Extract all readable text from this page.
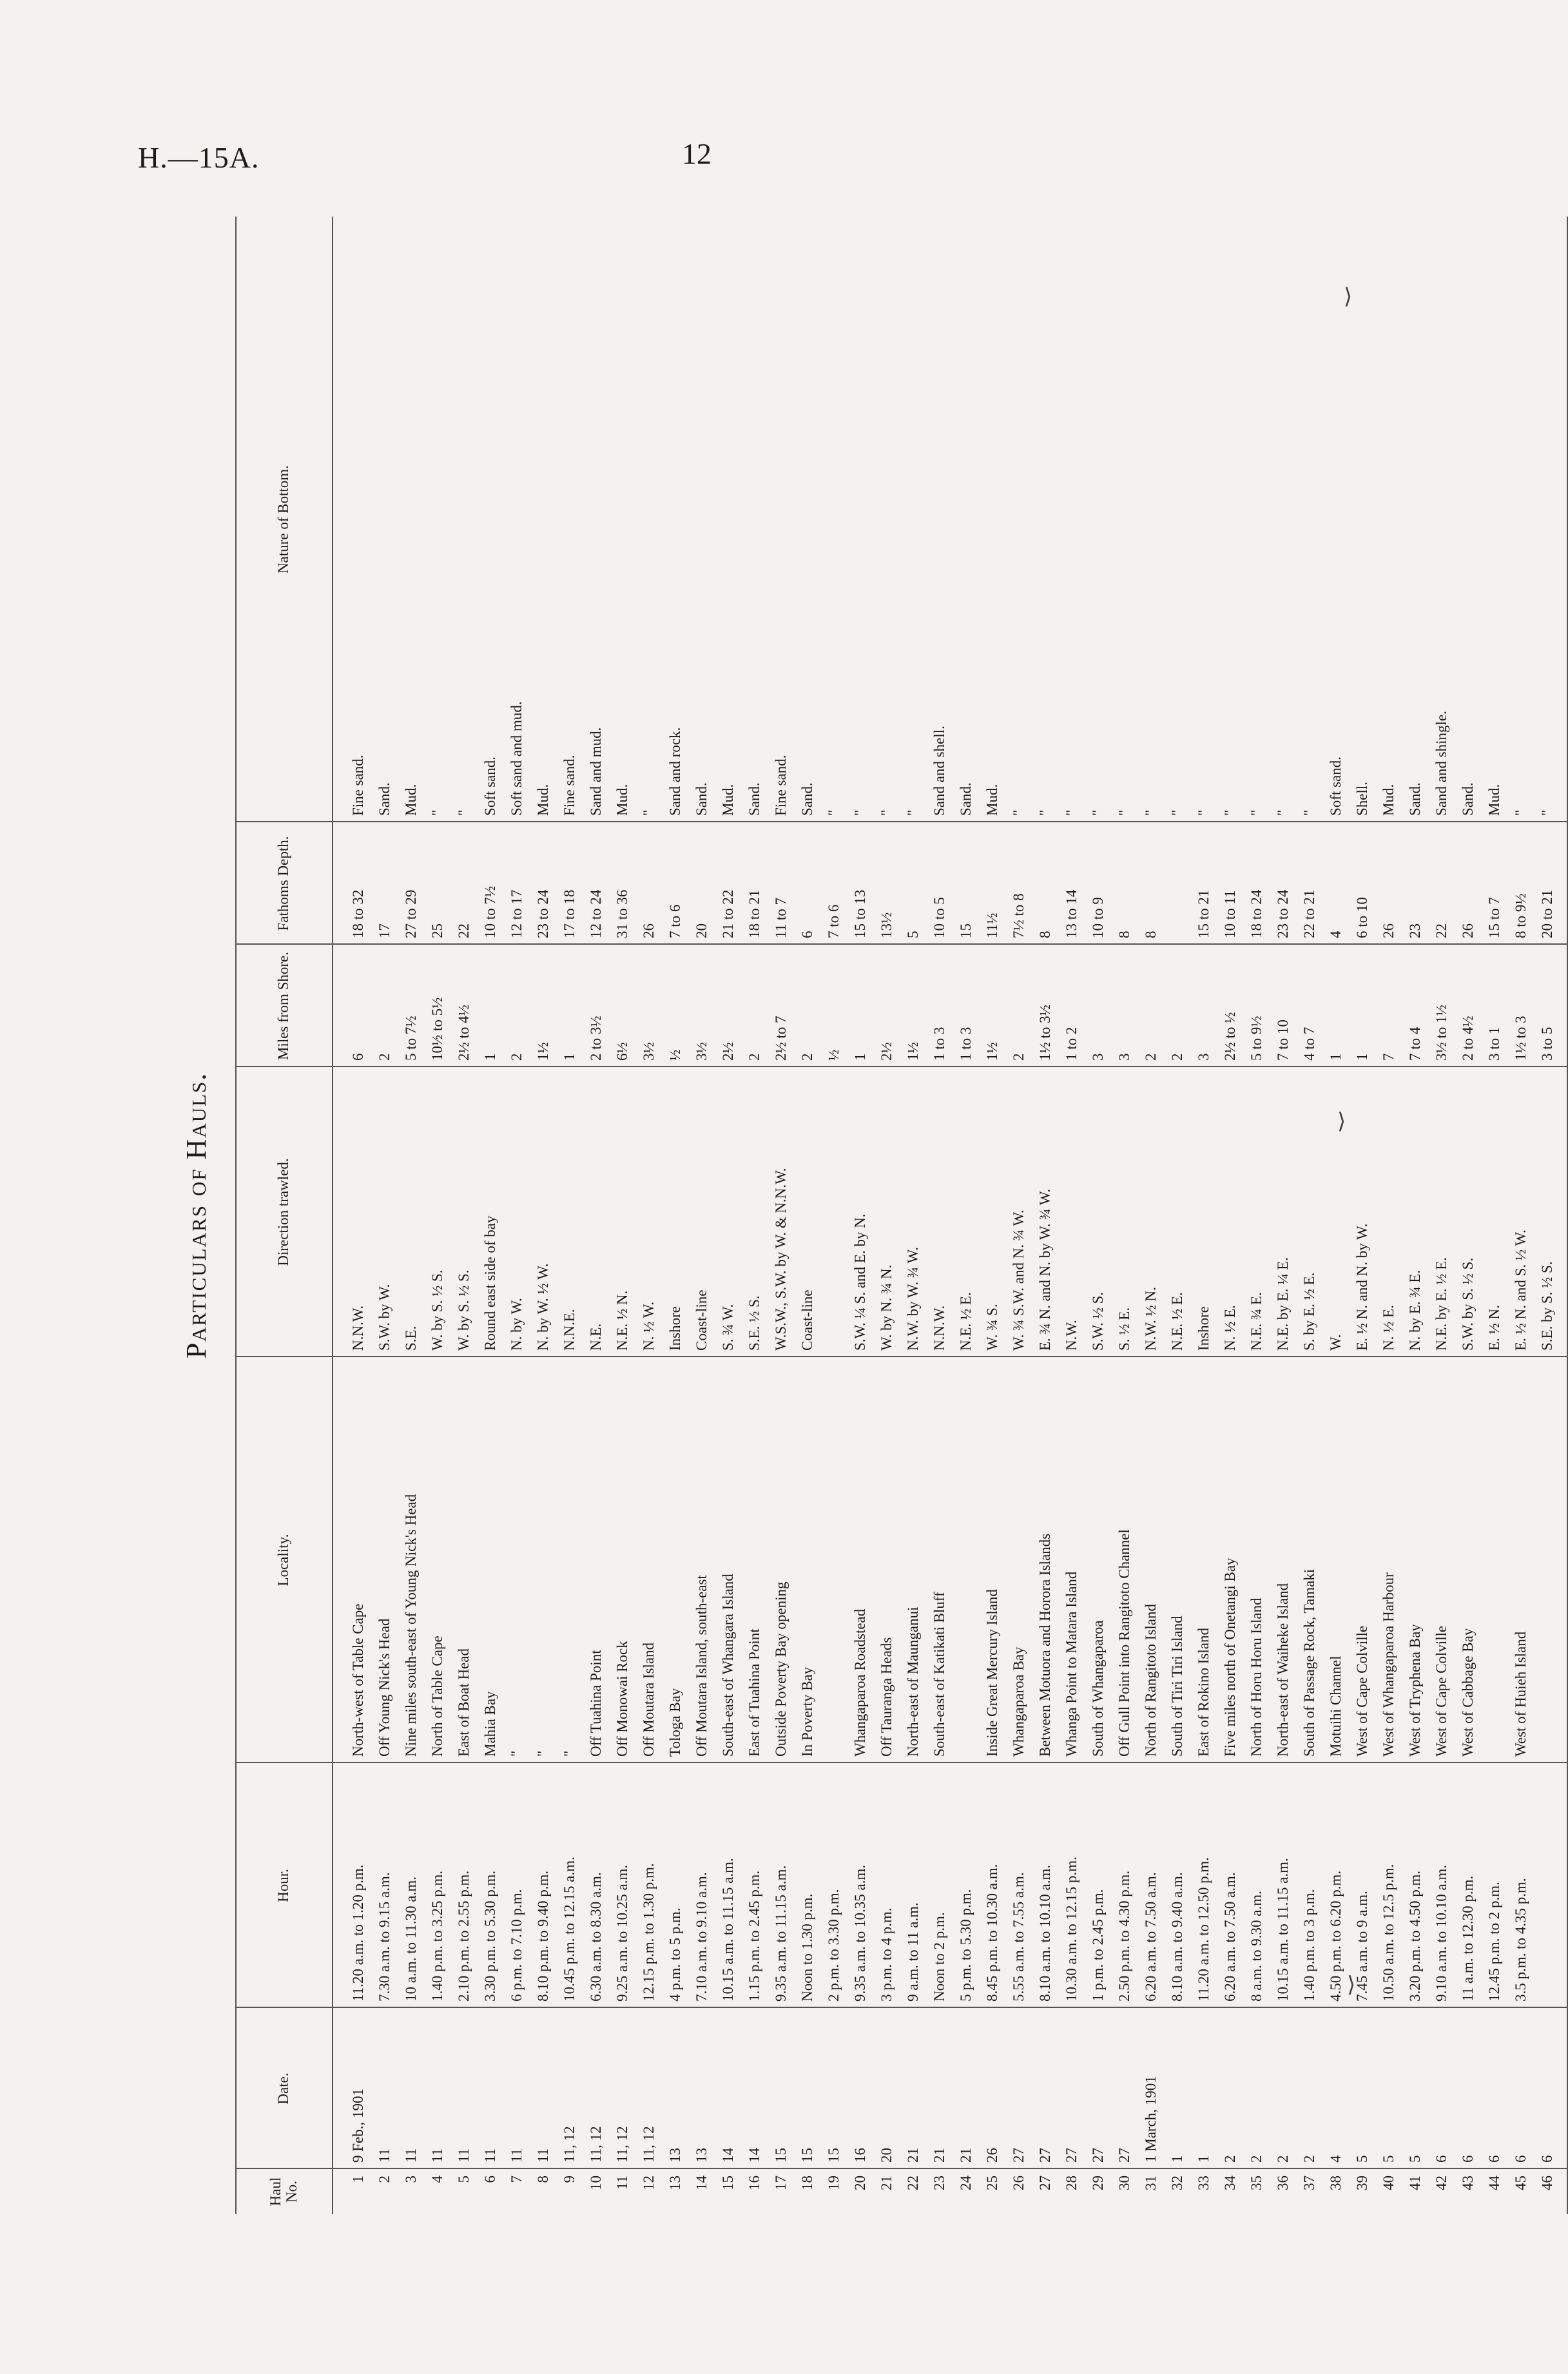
H.—15A.	12
Particulars of Hauls.
Haul No.
Date.
Hour.
Locality.
Direction trawled.
Miles from Shore.
Fathoms Depth.
Nature of Bottom.
1
9 Feb., 1901
11.20 a.m. to 1.20 p.m.
North-west of Table Cape
N.N.W.
6
18 to 32
Fine sand.
2
11
7.30 a.m. to 9.15 a.m.
Off Young Nick's Head
S.W. by W.
2
17
Sand.
3
11
10 a.m. to 11.30 a.m.
Nine miles south-east of Young Nick's Head
S.E.
5 to 7½
27 to 29
Mud.
4
11
1.40 p.m. to 3.25 p.m.
North of Table Cape
W. by S. ½ S.
10½ to 5½
25
"
5
11
2.10 p.m. to 2.55 p.m.
East of Boat Head
W. by S. ½ S.
2½ to 4½
22
"
6
11
3.30 p.m. to 5.30 p.m.
Mahia Bay
Round east side of bay
1
10 to 7½
Soft sand.
7
11
6 p.m. to 7.10 p.m.
"
N. by W.
2
12 to 17
Soft sand and mud.
8
11
8.10 p.m. to 9.40 p.m.
"
N. by W. ½ W.
1½
23 to 24
Mud.
9
11, 12
10.45 p.m. to 12.15 a.m.
"
N.N.E.
1
17 to 18
Fine sand.
10
11, 12
6.30 a.m. to 8.30 a.m.
Off Tuahina Point
N.E.
2 to 3½
12 to 24
Sand and mud.
11
11, 12
9.25 a.m. to 10.25 a.m.
Off Monowai Rock
N.E. ½ N.
6½
31 to 36
Mud.
12
11, 12
12.15 p.m. to 1.30 p.m.
Off Moutara Island
N. ½ W.
3½
26
"
13
13
4 p.m. to 5 p.m.
Tologa Bay
Inshore
½
7 to 6
Sand and rock.
14
13
7.10 a.m. to 9.10 a.m.
Off Moutara Island, south-east
Coast-line
3½
20
Sand.
15
14
10.15 a.m. to 11.15 a.m.
South-east of Whangara Island
S. ¾ W.
2½
21 to 22
Mud.
16
14
1.15 p.m. to 2.45 p.m.
East of Tuahina Point
S.E. ½ S.
2
18 to 21
Sand.
17
15
9.35 a.m. to 11.15 a.m.
Outside Poverty Bay opening
W.S.W., S.W. by W. & N.N.W.
2½ to 7
11 to 7
Fine sand.
18
15
Noon to 1.30 p.m.
In Poverty Bay
Coast-line
2
6
Sand.
19
15
2 p.m. to 3.30 p.m.
½
7 to 6
"
20
16
9.35 a.m. to 10.35 a.m.
Whangaparoa Roadstead
S.W. ¼ S. and E. by N.
1
15 to 13
"
21
20
3 p.m. to 4 p.m.
Off Tauranga Heads
W. by N. ¾ N.
2½
13½
"
22
21
9 a.m. to 11 a.m.
North-east of Maunganui
N.W. by W. ¾ W.
1½
5
"
23
21
Noon to 2 p.m.
South-east of Katikati Bluff
N.N.W.
1 to 3
10 to 5
Sand and shell.
24
21
5 p.m. to 5.30 p.m.
N.E. ½ E.
1 to 3
15
Sand.
25
26
8.45 p.m. to 10.30 a.m.
Inside Great Mercury Island
W. ¾ S.
1½
11½
Mud.
26
27
5.55 a.m. to 7.55 a.m.
Whangaparoa Bay
W. ¾ S.W. and N. ¾ W.
2
7½ to 8
"
27
27
8.10 a.m. to 10.10 a.m.
Between Motuora and Horora Islands
E. ¾ N. and N. by W. ¾ W.
1½ to 3½
8
"
28
27
10.30 a.m. to 12.15 p.m.
Whanga Point to Matara Island
N.W.
1 to 2
13 to 14
"
29
27
1 p.m. to 2.45 p.m.
South of Whangaparoa
S.W. ½ S.
3
10 to 9
"
30
27
2.50 p.m. to 4.30 p.m.
Off Gull Point into Rangitoto Channel
S. ½ E.
3
8
"
31
1 March, 1901
6.20 a.m. to 7.50 a.m.
North of Rangitoto Island
N.W. ½ N.
2
8
"
32
1
8.10 a.m. to 9.40 a.m.
South of Tiri Tiri Island
N.E. ½ E.
2
"
33
1
11.20 a.m. to 12.50 p.m.
East of Rokino Island
Inshore
3
15 to 21
"
34
2
6.20 a.m. to 7.50 a.m.
Five miles north of Onetangi Bay
N. ½ E.
2½ to ½
10 to 11
"
35
2
8 a.m. to 9.30 a.m.
North of Horu Horu Island
N.E. ¾ E.
5 to 9½
18 to 24
"
36
2
10.15 a.m. to 11.15 a.m.
North-east of Waiheke Island
N.E. by E. ¼ E.
7 to 10
23 to 24
"
37
2
1.40 p.m. to 3 p.m.
South of Passage Rock, Tamaki
S. by E. ½ E.
4 to 7
22 to 21
"
38
4
4.50 p.m. to 6.20 p.m.
Motuihi Channel
W.
1
4
Soft sand.
39
5
7.45 a.m. to 9 a.m.
West of Cape Colville
E. ½ N. and N. by W.
1
6 to 10
Shell.
40
5
10.50 a.m. to 12.5 p.m.
West of Whangaparoa Harbour
N. ½ E.
7
26
Mud.
41
5
3.20 p.m. to 4.50 p.m.
West of Tryphena Bay
N. by E. ¾ E.
7 to 4
23
Sand.
42
6
9.10 a.m. to 10.10 a.m.
West of Cape Colville
N.E. by E. ½ E.
3½ to 1½
22
Sand and shingle.
43
6
11 a.m. to 12.30 p.m.
West of Cabbage Bay
S.W. by S. ½ S.
2 to 4½
26
Sand.
44
6
12.45 p.m. to 2 p.m.
E. ½ N.
3 to 1
15 to 7
Mud.
45
6
3.5 p.m. to 4.35 p.m.
West of Huieh Island
E. ½ N. and S. ½ W.
1½ to 3
8 to 9½
"
46
6
S.E. by S. ½ S.
3 to 5
20 to 21
"
⟩
⟩
⟩
